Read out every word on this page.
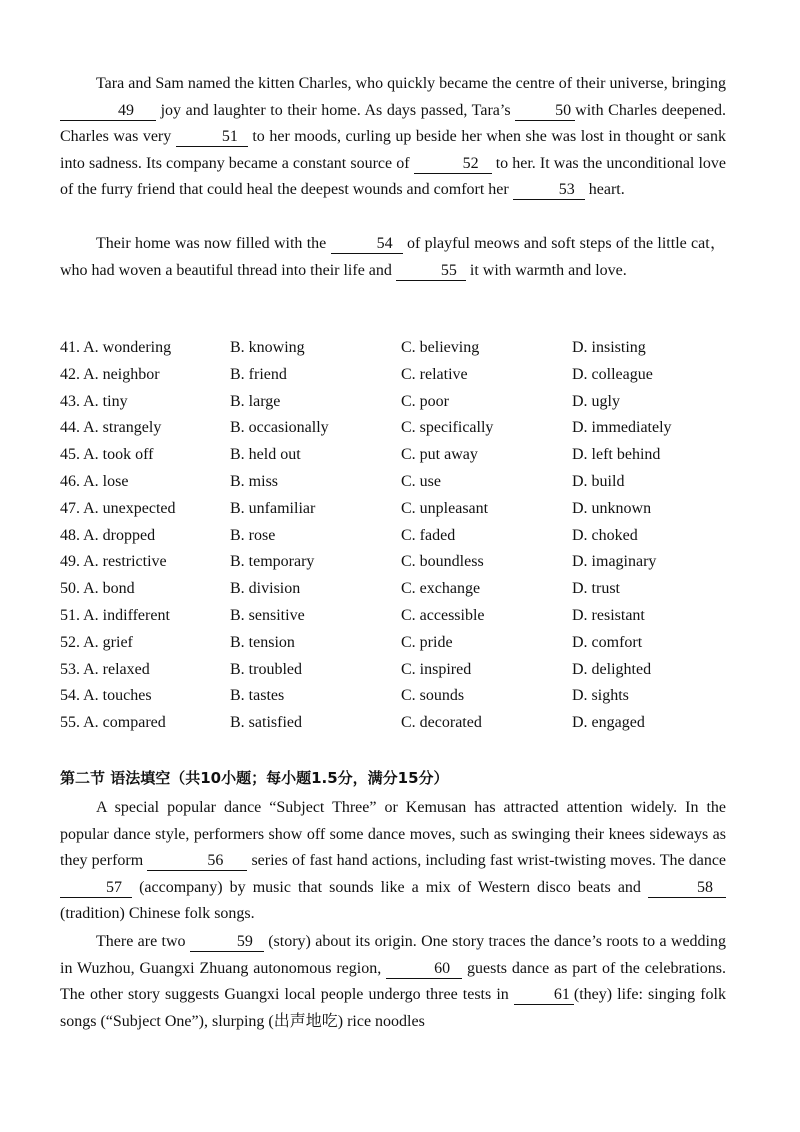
Tara and Sam named the kitten Charles, who quickly became the centre of their universe, bringing 49 joy and laughter to their home. As days passed, Tara’s	50 with Charles deepened. Charles was very	51 to her moods, curling up beside her when she was lost in thought or sank into sadness. Its company became a constant source of	52 to her. It was the unconditional love of the furry friend that could heal the deepest wounds and comfort her	53 heart.

Their home was now filled with the	54 of playful meows and soft steps of the little cat，who had woven a beautiful thread into their life and	55 it with warmth and love.

41. A. wondering	B. knowing	C. believing	D. insisting
42. A. neighbor	B. friend	C. relative	D. colleague
43. A. tiny	B. large	C. poor	D. ugly
44. A. strangely	B. occasionally	C. specifically	D. immediately
45. A. took off	B. held out	C. put away	D. left behind
46. A. lose	B. miss	C. use	D. build
47. A. unexpected	B. unfamiliar	C. unpleasant	D. unknown
48. A. dropped	B. rose	C. faded	D. choked
49. A. restrictive	B. temporary	C. boundless	D. imaginary
50. A. bond	B. division	C. exchange	D. trust
51. A. indifferent	B. sensitive	C. accessible	D. resistant
52. A. grief	B. tension	C. pride	D. comfort
53. A. relaxed	B. troubled	C. inspired	D. delighted
54. A. touches	B. tastes	C. sounds	D. sights
55. A. compared	B. satisfied	C. decorated	D. engaged
第二节 语法填空（共10小题；每小题1.5分，满分15分）

A special popular dance “Subject Three” or Kemusan has attracted attention widely. In the popular dance style, performers show off some dance moves, such as swinging their knees sideways as they perform	56 series of fast hand actions, including fast wrist-twisting moves. The dance 57 (accompany) by music that sounds like a mix of Western disco beats and	58 (tradition) Chinese folk songs.

There are two	59 (story) about its origin. One story traces the dance’s roots to a wedding in Wuzhou, Guangxi Zhuang autonomous region,	60 guests dance as part of the celebrations. The other story suggests Guangxi local people undergo three tests in	61 (they) life: singing folk songs (“Subject One”), slurping (出声地吃) rice noodles
